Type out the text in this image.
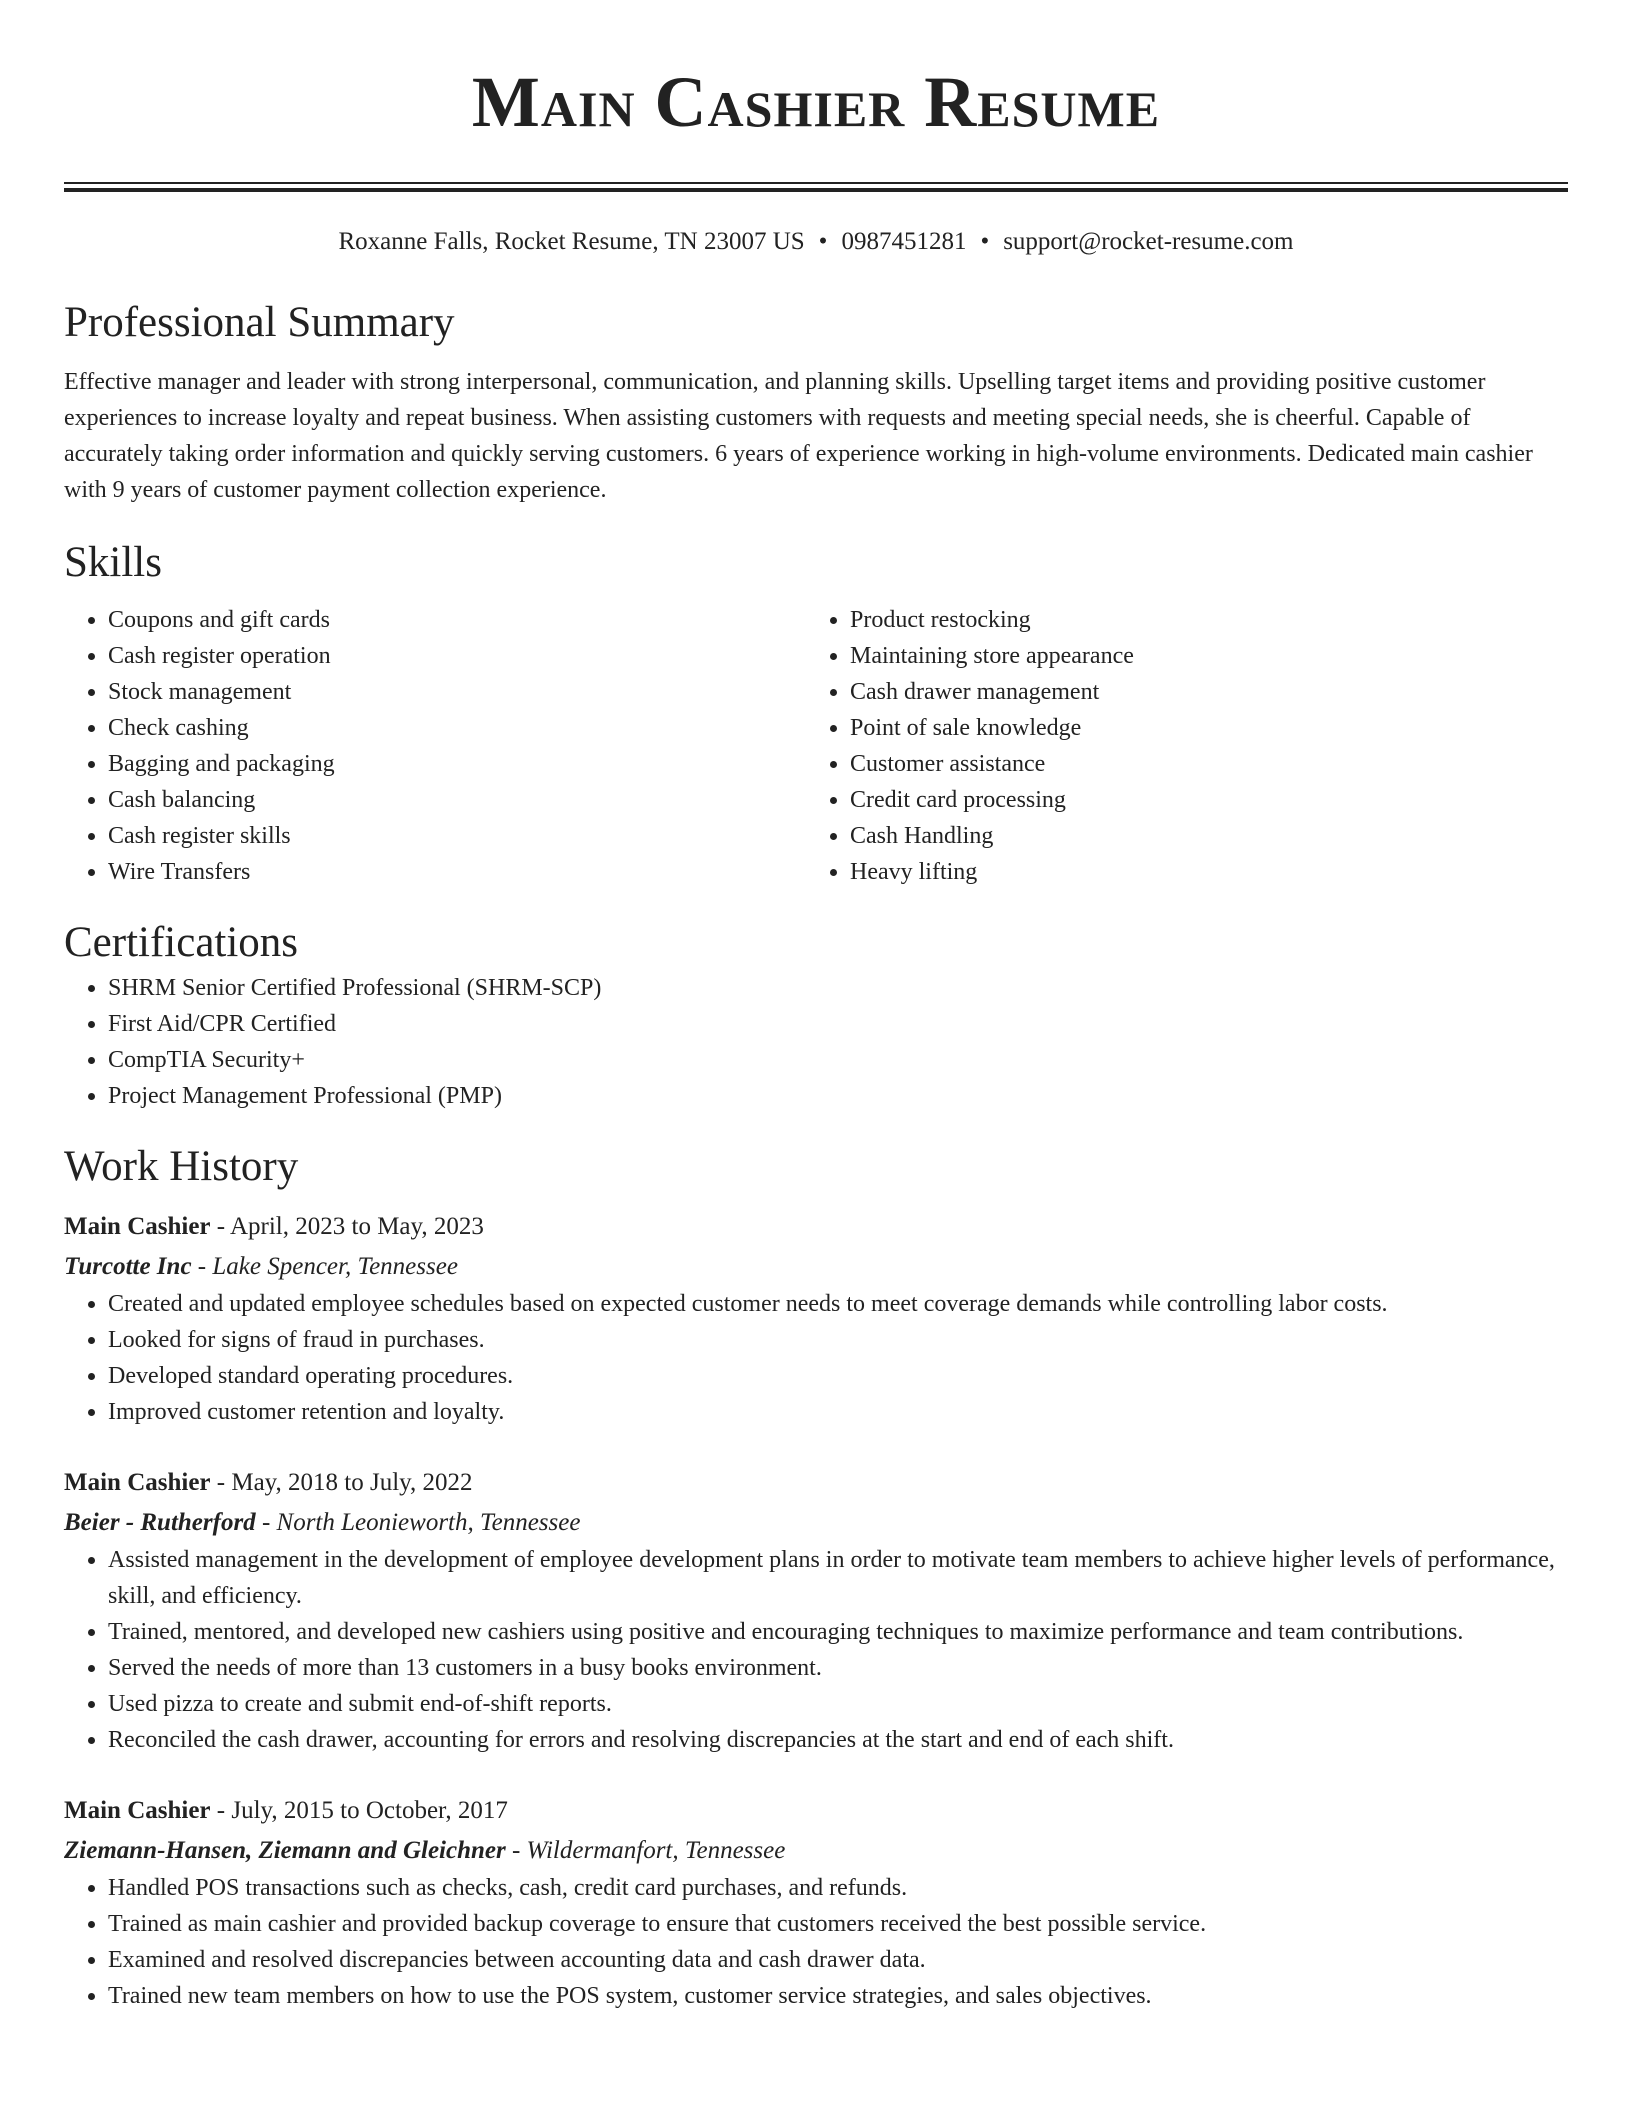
Main Cashier Resume
Roxanne Falls, Rocket Resume, TN 23007 US • 0987451281 • support@rocket-resume.com
Professional Summary

Effective manager and leader with strong interpersonal, communication, and planning skills. Upselling target items and providing positive customer experiences to increase loyalty and repeat business. When assisting customers with requests and meeting special needs, she is cheerful. Capable of accurately taking order information and quickly serving customers. 6 years of experience working in high-volume environments. Dedicated main cashier with 9 years of customer payment collection experience.

Skills
• Coupons and gift cards
• Cash register operation
• Stock management
• Check cashing
• Bagging and packaging
• Cash balancing
• Cash register skills
• Wire Transfers
• Product restocking
• Maintaining store appearance
• Cash drawer management
• Point of sale knowledge
• Customer assistance
• Credit card processing
• Cash Handling
• Heavy lifting
Certifications
• SHRM Senior Certified Professional (SHRM-SCP)
• First Aid/CPR Certified
• CompTIA Security+
• Project Management Professional (PMP)
Work History
Main Cashier - April, 2023 to May, 2023
Turcotte Inc - Lake Spencer, Tennessee
• Created and updated employee schedules based on expected customer needs to meet coverage demands while controlling labor costs.
• Looked for signs of fraud in purchases.
• Developed standard operating procedures.
• Improved customer retention and loyalty.
Main Cashier - May, 2018 to July, 2022
Beier - Rutherford - North Leonieworth, Tennessee
• Assisted management in the development of employee development plans in order to motivate team members to achieve higher levels of performance, skill, and efficiency.
• Trained, mentored, and developed new cashiers using positive and encouraging techniques to maximize performance and team contributions.
• Served the needs of more than 13 customers in a busy books environment.
• Used pizza to create and submit end-of-shift reports.
• Reconciled the cash drawer, accounting for errors and resolving discrepancies at the start and end of each shift.
Main Cashier - July, 2015 to October, 2017
Ziemann-Hansen, Ziemann and Gleichner - Wildermanfort, Tennessee
• Handled POS transactions such as checks, cash, credit card purchases, and refunds.
• Trained as main cashier and provided backup coverage to ensure that customers received the best possible service.
• Examined and resolved discrepancies between accounting data and cash drawer data.
• Trained new team members on how to use the POS system, customer service strategies, and sales objectives.
